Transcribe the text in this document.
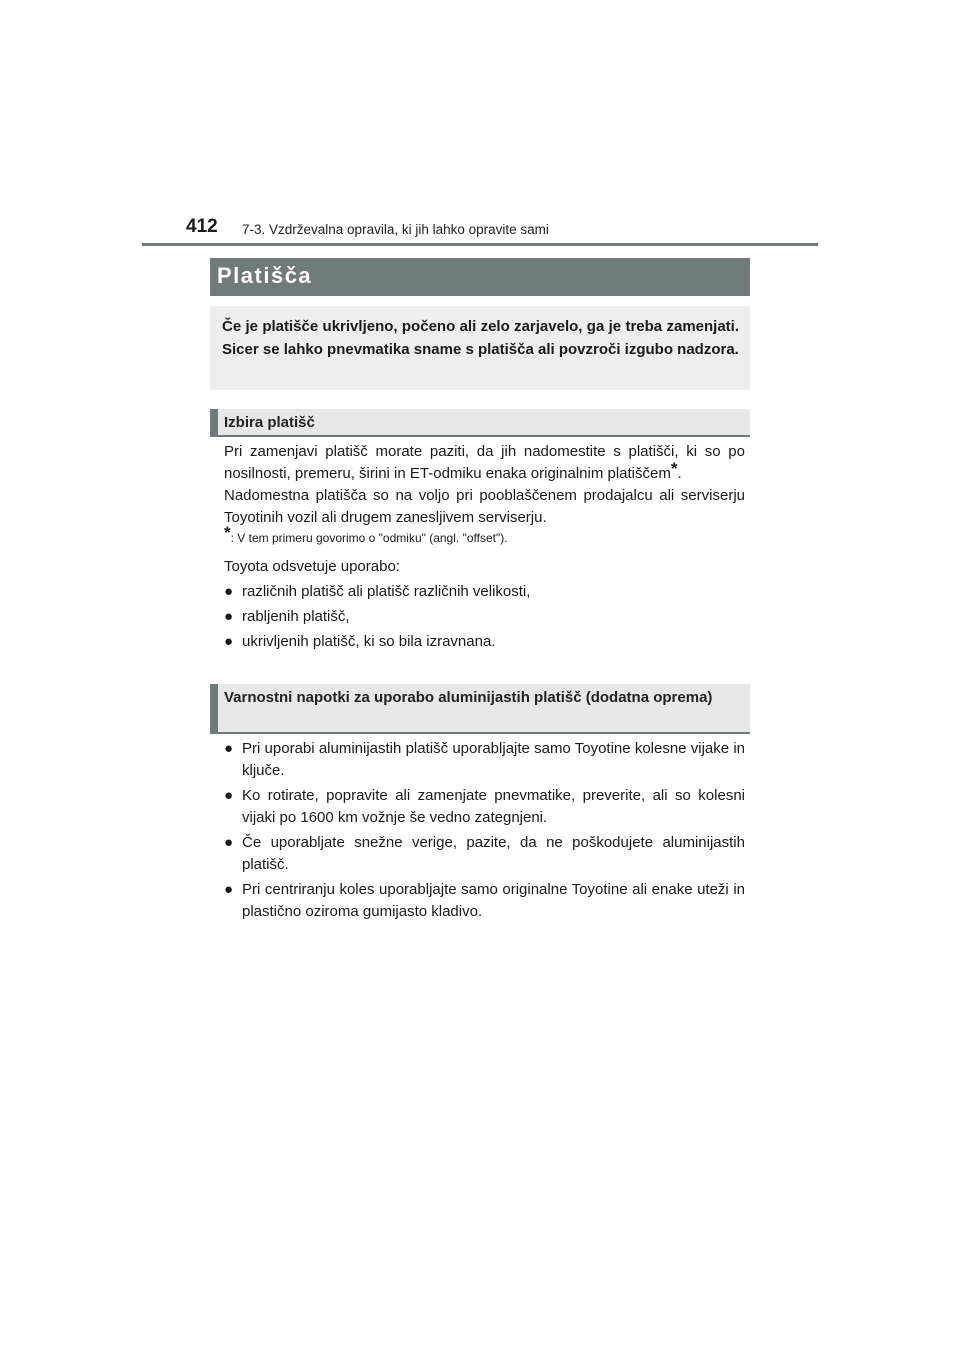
412 7-3. Vzdrževalna opravila, ki jih lahko opravite sami
Platišča
Če je platišče ukrivljeno, počeno ali zelo zarjavelo, ga je treba zamenjati. Sicer se lahko pnevmatika sname s platišča ali povzroči izgubo nadzora.
Izbira platišč

Pri zamenjavi platišč morate paziti, da jih nadomestite s platišči, ki so po nosilnosti, premeru, širini in ET-odmiku enaka originalnim platiščem*.

Nadomestna platišča so na voljo pri pooblaščenem prodajalcu ali serviserju Toyotinih vozil ali drugem zanesljivem serviserju.

*: V tem primeru govorimo o "odmiku" (angl. "offset").

Toyota odsvetuje uporabo:

● različnih platišč ali platišč različnih velikosti,
● rabljenih platišč,
● ukrivljenih platišč, ki so bila izravnana.
Varnostni napotki za uporabo aluminijastih platišč (dodatna oprema)
● Pri uporabi aluminijastih platišč uporabljajte samo Toyotine kolesne vijake in ključe.
● Ko rotirate, popravite ali zamenjate pnevmatike, preverite, ali so kolesni vijaki po 1600 km vožnje še vedno zategnjeni.
● Če uporabljate snežne verige, pazite, da ne poškodujete aluminijastih platišč.
● Pri centriranju koles uporabljajte samo originalne Toyotine ali enake uteži in plastično oziroma gumijasto kladivo.
